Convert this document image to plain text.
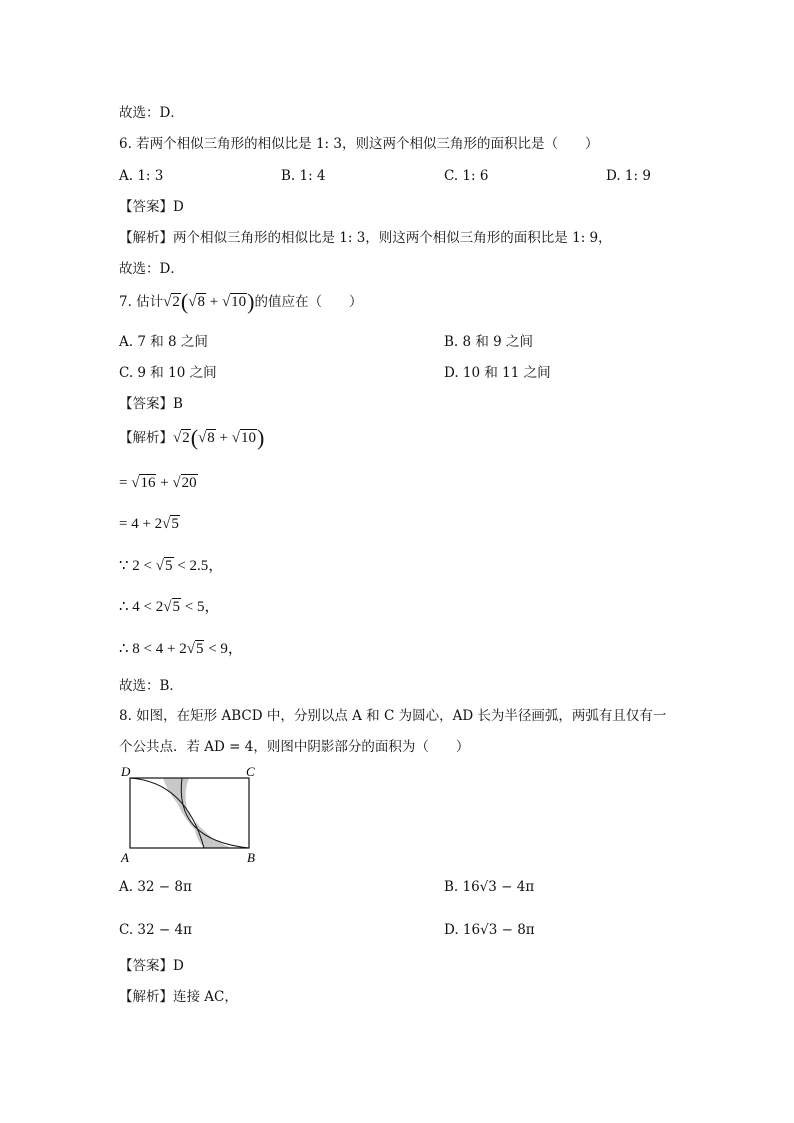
故选：D．
6. 若两个相似三角形的相似比是 1: 3，则这两个相似三角形的面积比是（　　）
A. 1: 3	B. 1: 4	C. 1: 6	D. 1: 9
【答案】D
【解析】两个相似三角形的相似比是 1: 3，则这两个相似三角形的面积比是 1: 9，
故选：D．
7. 估计√2(√8 + √10)的值应在（　　）
A. 7 和 8 之间	B. 8 和 9 之间
C. 9 和 10 之间	D. 10 和 11 之间
【答案】B
【解析】√2(√8 + √10)
= √16 + √20
= 4 + 2√5
∵ 2 < √5 < 2.5，
∴ 4 < 2√5 < 5，
∴ 8 < 4 + 2√5 < 9，
故选：B．
8. 如图，在矩形 ABCD 中，分别以点 A 和 C 为圆心，AD 长为半径画弧，两弧有且仅有一
个公共点．若 AD = 4，则图中阴影部分的面积为（　　）
D	C
A	B
A. 32 − 8π	B. 16√3 − 4π
C. 32 − 4π	D. 16√3 − 8π
【答案】D
【解析】连接 AC，
